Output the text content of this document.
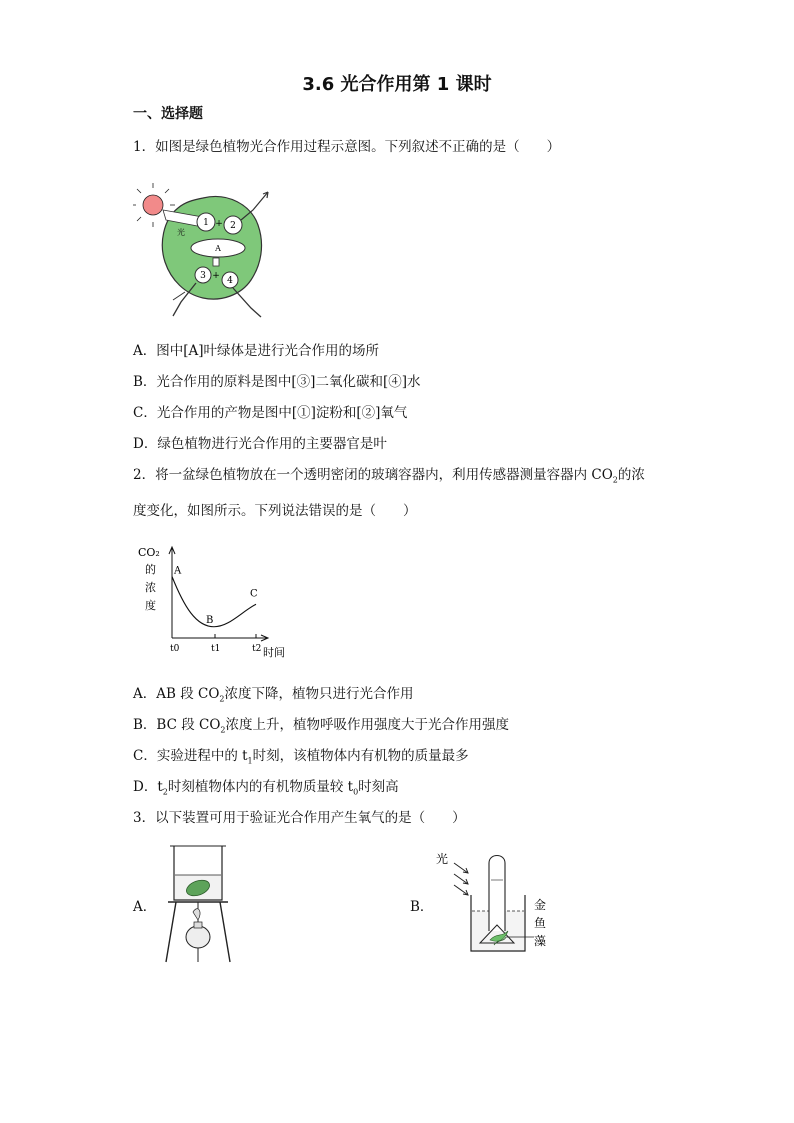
3.6 光合作用第 1 课时
一、选择题
1．如图是绿色植物光合作用过程示意图。下列叙述不正确的是（　　）
光
1 + 2
A
3 + 4
A．图中[A]叶绿体是进行光合作用的场所
B．光合作用的原料是图中[③]二氧化碳和[④]水
C．光合作用的产物是图中[①]淀粉和[②]氧气
D．绿色植物进行光合作用的主要器官是叶
2．将一盆绿色植物放在一个透明密闭的玻璃容器内，利用传感器测量容器内 $CO_2$的浓
度变化，如图所示。下列说法错误的是（　　）
CO₂
的
浓
度
A
B
C
t0	t1	t2 时间
A．AB 段 $CO_2$浓度下降，植物只进行光合作用
B．BC 段 $CO_2$浓度上升，植物呼吸作用强度大于光合作用强度
C．实验进程中的 $t_1$时刻，该植物体内有机物的质量最多
D．$t_2$时刻植物体内的有机物质量较 $t_0$时刻高
3．以下装置可用于验证光合作用产生氧气的是（　　）
A．	B．
光
金
鱼
藻
